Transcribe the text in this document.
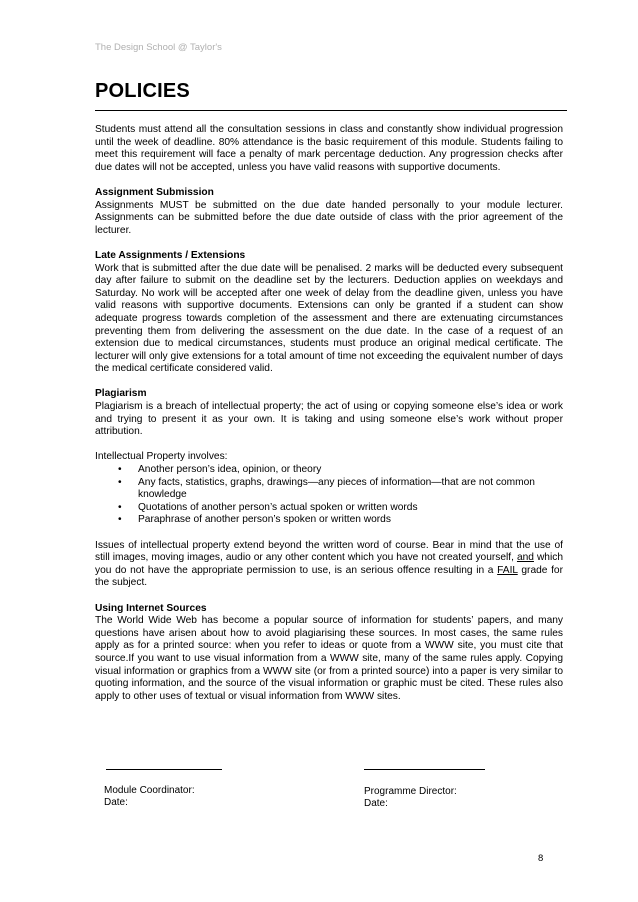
The Design School @ Taylor's
POLICIES

Students must attend all the consultation sessions in class and constantly show individual progression until the week of deadline. 80% attendance is the basic requirement of this module. Students failing to meet this requirement will face a penalty of mark percentage deduction. Any progression checks after due dates will not be accepted, unless you have valid reasons with supportive documents.

Assignment Submission

Assignments MUST be submitted on the due date handed personally to your module lecturer. Assignments can be submitted before the due date outside of class with the prior agreement of the lecturer.

Late Assignments / Extensions

Work that is submitted after the due date will be penalised. 2 marks will be deducted every subsequent day after failure to submit on the deadline set by the lecturers. Deduction applies on weekdays and Saturday. No work will be accepted after one week of delay from the deadline given, unless you have valid reasons with supportive documents. Extensions can only be granted if a student can show adequate progress towards completion of the assessment and there are extenuating circumstances preventing them from delivering the assessment on the due date. In the case of a request of an extension due to medical circumstances, students must produce an original medical certificate. The lecturer will only give extensions for a total amount of time not exceeding the equivalent number of days the medical certificate considered valid.

Plagiarism

Plagiarism is a breach of intellectual property; the act of using or copying someone else’s idea or work and trying to present it as your own. It is taking and using someone else’s work without proper attribution.

Intellectual Property involves:

• Another person’s idea, opinion, or theory
• Any facts, statistics, graphs, drawings—any pieces of information—that are not common knowledge
• Quotations of another person’s actual spoken or written words
• Paraphrase of another person’s spoken or written words

Issues of intellectual property extend beyond the written word of course. Bear in mind that the use of still images, moving images, audio or any other content which you have not created yourself, and which you do not have the appropriate permission to use, is an serious offence resulting in a FAIL grade for the subject.

Using Internet Sources

The World Wide Web has become a popular source of information for students’ papers, and many questions have arisen about how to avoid plagiarising these sources. In most cases, the same rules apply as for a printed source: when you refer to ideas or quote from a WWW site, you must cite that source.If you want to use visual information from a WWW site, many of the same rules apply. Copying visual information or graphics from a WWW site (or from a printed source) into a paper is very similar to quoting information, and the source of the visual information or graphic must be cited. These rules also apply to other uses of textual or visual information from WWW sites.

Module Coordinator:
Date:
Programme Director:
Date:
8
